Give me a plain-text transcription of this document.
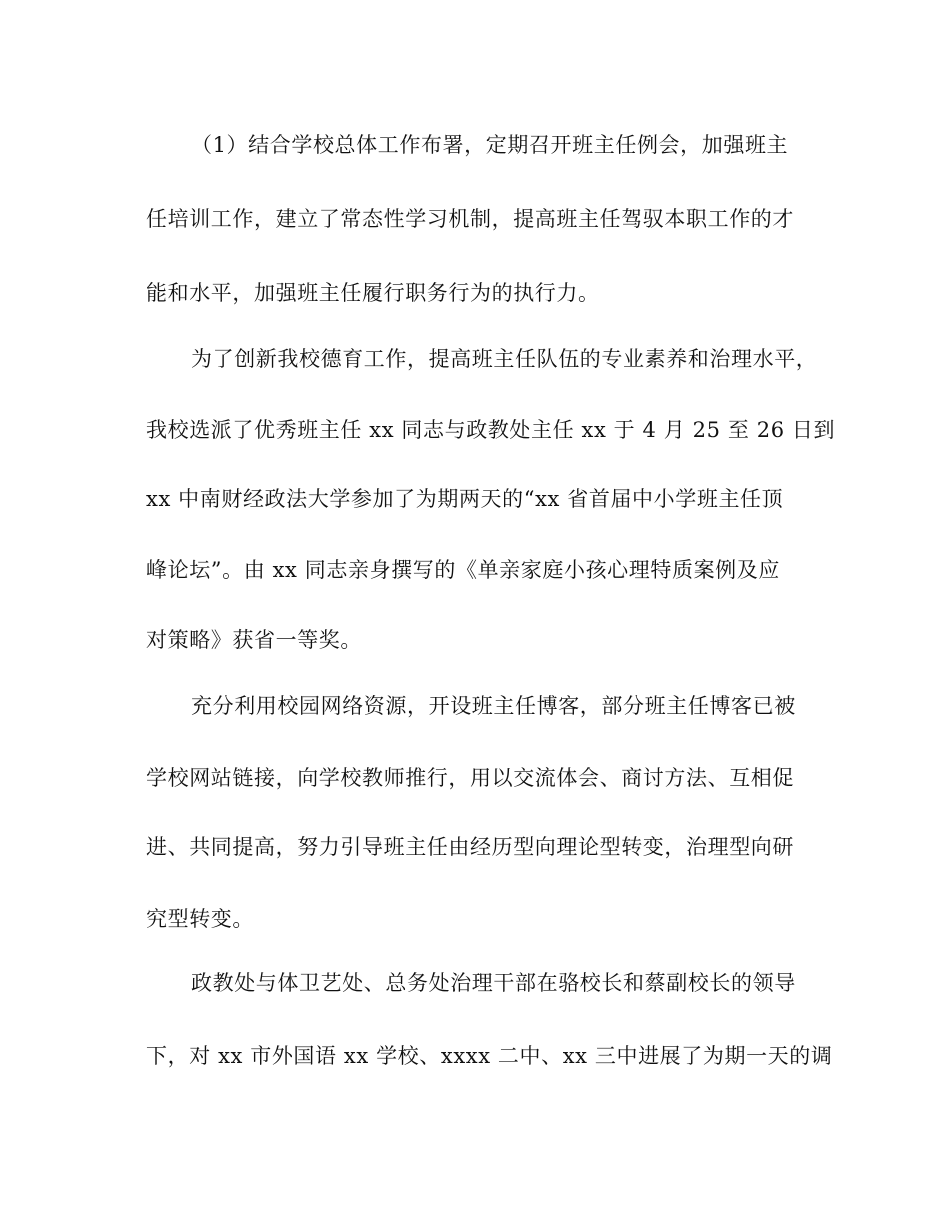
（1）结合学校总体工作布署，定期召开班主任例会，加强班主
任培训工作，建立了常态性学习机制，提高班主任驾驭本职工作的才
能和水平，加强班主任履行职务行为的执行力。
为了创新我校德育工作，提高班主任队伍的专业素养和治理水平，
我校选派了优秀班主任 xx 同志与政教处主任 xx 于 4 月 25 至 26 日到
xx 中南财经政法大学参加了为期两天的“xx 省首届中小学班主任顶
峰论坛”。由 xx 同志亲身撰写的《单亲家庭小孩心理特质案例及应
对策略》获省一等奖。
充分利用校园网络资源，开设班主任博客，部分班主任博客已被
学校网站链接，向学校教师推行，用以交流体会、商讨方法、互相促
进、共同提高，努力引导班主任由经历型向理论型转变，治理型向研
究型转变。
政教处与体卫艺处、总务处治理干部在骆校长和蔡副校长的领导
下，对 xx 市外国语 xx 学校、xxxx 二中、xx 三中进展了为期一天的调
